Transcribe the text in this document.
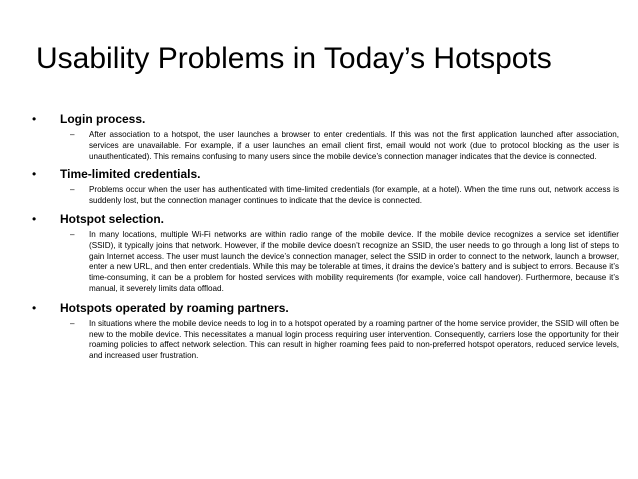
Usability Problems in Today’s Hotspots
• Login process.
– After association to a hotspot, the user launches a browser to enter credentials. If this was not the first application launched after association, services are unavailable. For example, if a user launches an email client first, email would not work (due to protocol blocking as the user is unauthenticated). This remains confusing to many users since the mobile device’s connection manager indicates that the device is connected.
• Time-limited credentials.
– Problems occur when the user has authenticated with time-limited credentials (for example, at a hotel). When the time runs out, network access is suddenly lost, but the connection manager continues to indicate that the device is connected.
• Hotspot selection.
– In many locations, multiple Wi-Fi networks are within radio range of the mobile device. If the mobile device recognizes a service set identifier (SSID), it typically joins that network. However, if the mobile device doesn’t recognize an SSID, the user needs to go through a long list of steps to gain Internet access. The user must launch the device’s connection manager, select the SSID in order to connect to the network, launch a browser, enter a new URL, and then enter credentials. While this may be tolerable at times, it drains the device’s battery and is subject to errors. Because it’s time-consuming, it can be a problem for hosted services with mobility requirements (for example, voice call handover). Furthermore, because it’s manual, it severely limits data offload.
• Hotspots operated by roaming partners.
– In situations where the mobile device needs to log in to a hotspot operated by a roaming partner of the home service provider, the SSID will often be new to the mobile device. This necessitates a manual login process requiring user intervention. Consequently, carriers lose the opportunity for their roaming policies to affect network selection. This can result in higher roaming fees paid to non-preferred hotspot operators, reduced service levels, and increased user frustration.
